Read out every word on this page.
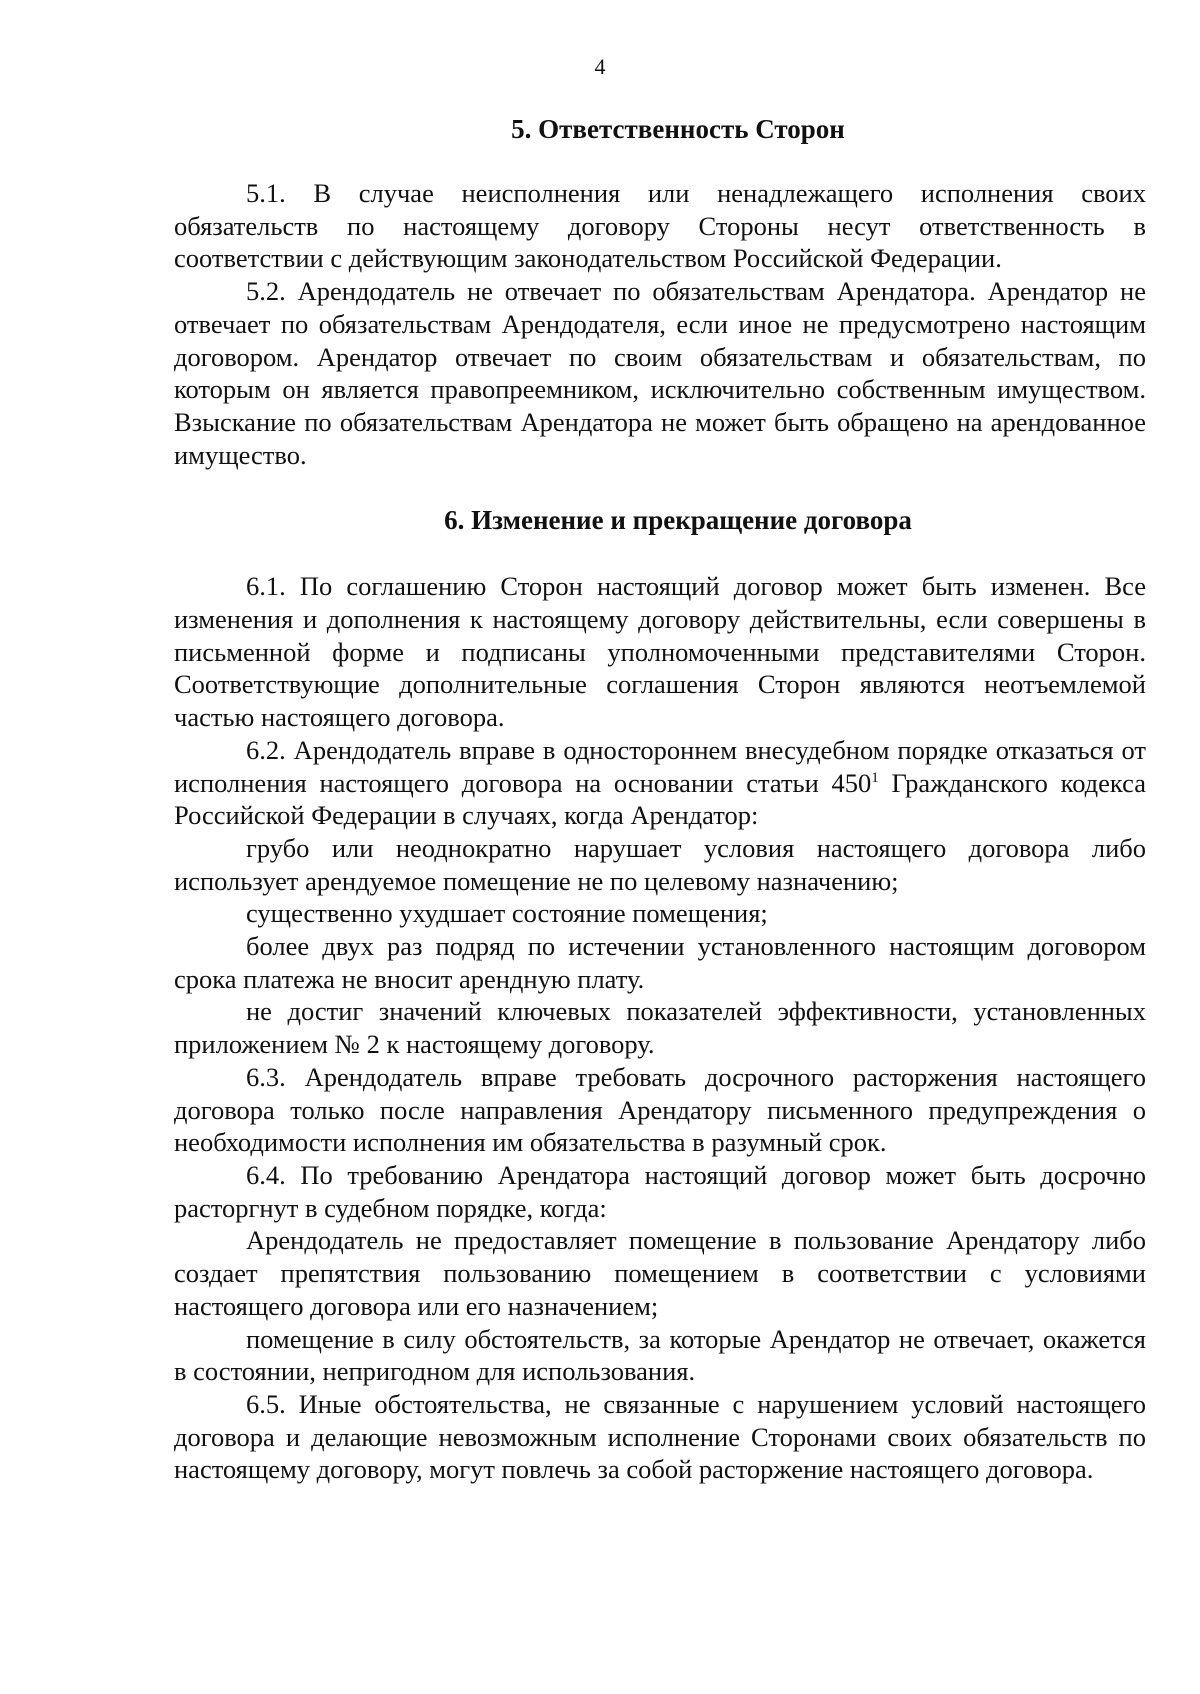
4
5. Ответственность Сторон

5.1. В случае неисполнения или ненадлежащего исполнения своих обязательств по настоящему договору Стороны несут ответственность в соответствии с действующим законодательством Российской Федерации.

5.2. Арендодатель не отвечает по обязательствам Арендатора. Арендатор не отвечает по обязательствам Арендодателя, если иное не предусмотрено настоящим договором. Арендатор отвечает по своим обязательствам и обязательствам, по которым он является правопреемником, исключительно собственным имуществом. Взыскание по обязательствам Арендатора не может быть обращено на арендованное имущество.

6. Изменение и прекращение договора

6.1. По соглашению Сторон настоящий договор может быть изменен. Все изменения и дополнения к настоящему договору действительны, если совершены в письменной форме и подписаны уполномоченными представителями Сторон. Соответствующие дополнительные соглашения Сторон являются неотъемлемой частью настоящего договора.

6.2. Арендодатель вправе в одностороннем внесудебном порядке отказаться от исполнения настоящего договора на основании статьи $450^1$ Гражданского кодекса Российской Федерации в случаях, когда Арендатор:

грубо или неоднократно нарушает условия настоящего договора либо использует арендуемое помещение не по целевому назначению;

существенно ухудшает состояние помещения;

более двух раз подряд по истечении установленного настоящим договором срока платежа не вносит арендную плату.

не достиг значений ключевых показателей эффективности, установленных приложением № 2 к настоящему договору.

6.3. Арендодатель вправе требовать досрочного расторжения настоящего договора только после направления Арендатору письменного предупреждения о необходимости исполнения им обязательства в разумный срок.

6.4. По требованию Арендатора настоящий договор может быть досрочно расторгнут в судебном порядке, когда:

Арендодатель не предоставляет помещение в пользование Арендатору либо создает препятствия пользованию помещением в соответствии с условиями настоящего договора или его назначением;

помещение в силу обстоятельств, за которые Арендатор не отвечает, окажется в состоянии, непригодном для использования.

6.5. Иные обстоятельства, не связанные с нарушением условий настоящего договора и делающие невозможным исполнение Сторонами своих обязательств по настоящему договору, могут повлечь за собой расторжение настоящего договора.
